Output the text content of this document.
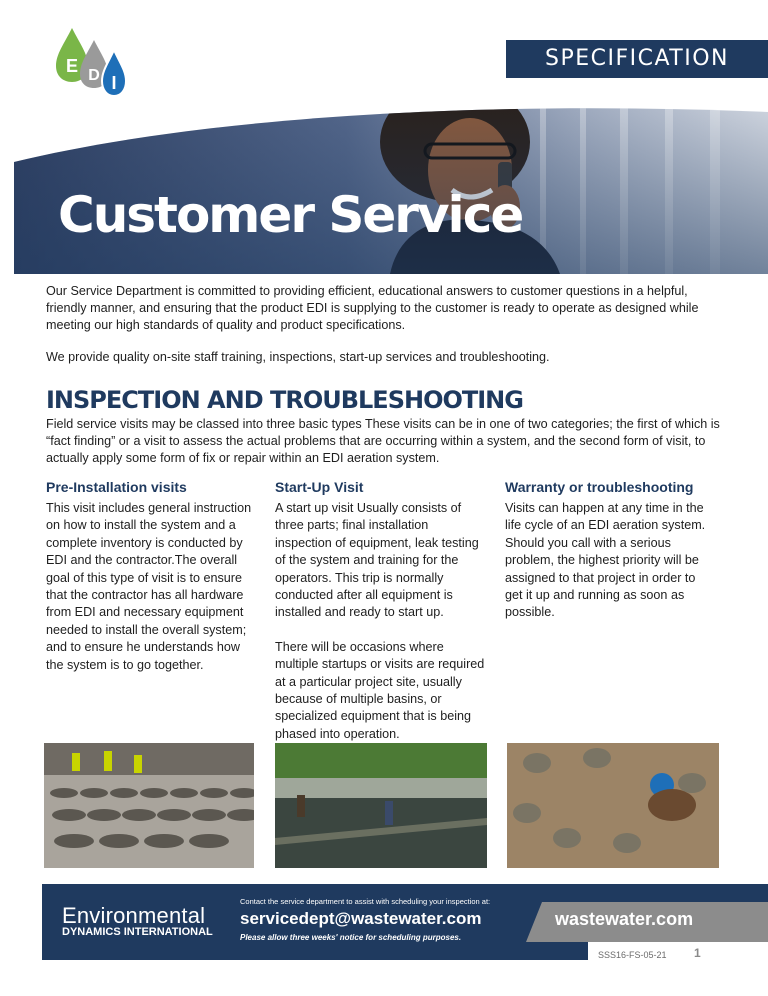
E D I
SPECIFICATION
Customer Service

Our Service Department is committed to providing efficient, educational answers to customer questions in a helpful, friendly manner, and ensuring that the product EDI is supplying to the customer is ready to operate as designed while meeting our high standards of quality and product specifications.

We provide quality on-site staff training, inspections, start-up services and troubleshooting.

INSPECTION AND TROUBLESHOOTING

Field service visits may be classed into three basic types These visits can be in one of two categories; the first of which is “fact finding” or a visit to assess the actual problems that are occurring within a system, and the second form of visit, to actually apply some form of fix or repair within an EDI aeration system.

Pre-Installation visits

This visit includes general instruction on how to install the system and a complete inventory is conducted by EDI and the contractor.The overall goal of this type of visit is to ensure that the contractor has all hardware from EDI and necessary equipment needed to install the overall system; and to ensure he understands how the system is to go together.

Start-Up Visit

A start up visit Usually consists of three parts; final installation inspection of equipment, leak testing of the system and training for the operators. This trip is normally conducted after all equipment is installed and ready to start up.

There will be occasions where multiple startups or visits are required at a particular project site, usually because of multiple basins, or specialized equipment that is being phased into operation.

Warranty or troubleshooting

Visits can happen at any time in the life cycle of an EDI aeration system. Should you call with a serious problem, the highest priority will be assigned to that project in order to get it up and running as soon as possible.

Environmental
DYNAMICS INTERNATIONAL
Contact the service department to assist with scheduling your inspection at:
servicedept@wastewater.com
Please allow three weeks' notice for scheduling purposes.
wastewater.com
SSS16-FS-05-21 1
